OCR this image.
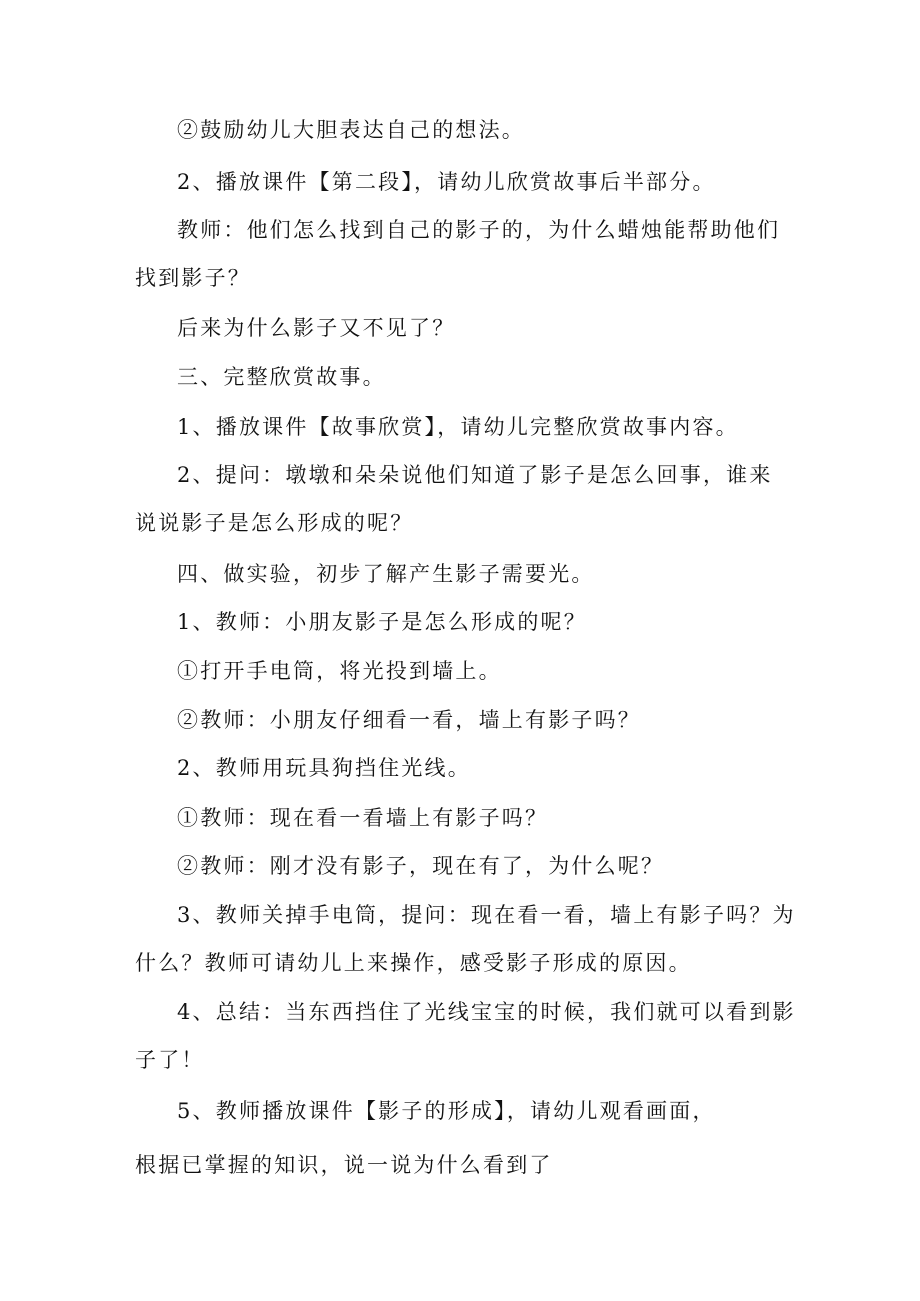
②鼓励幼儿大胆表达自己的想法。
2、播放课件【第二段】，请幼儿欣赏故事后半部分。
教师：他们怎么找到自己的影子的，为什么蜡烛能帮助他们
找到影子？
后来为什么影子又不见了？
三、完整欣赏故事。
1、播放课件【故事欣赏】，请幼儿完整欣赏故事内容。
2、提问：墩墩和朵朵说他们知道了影子是怎么回事，谁来
说说影子是怎么形成的呢？
四、做实验，初步了解产生影子需要光。
1、教师：小朋友影子是怎么形成的呢？
①打开手电筒，将光投到墙上。
②教师：小朋友仔细看一看，墙上有影子吗？
2、教师用玩具狗挡住光线。
①教师：现在看一看墙上有影子吗？
②教师：刚才没有影子，现在有了，为什么呢？
3、教师关掉手电筒，提问：现在看一看，墙上有影子吗？为
什么？教师可请幼儿上来操作，感受影子形成的原因。
4、总结：当东西挡住了光线宝宝的时候，我们就可以看到影
子了！
5、教师播放课件【影子的形成】，请幼儿观看画面，
根据已掌握的知识，说一说为什么看到了
